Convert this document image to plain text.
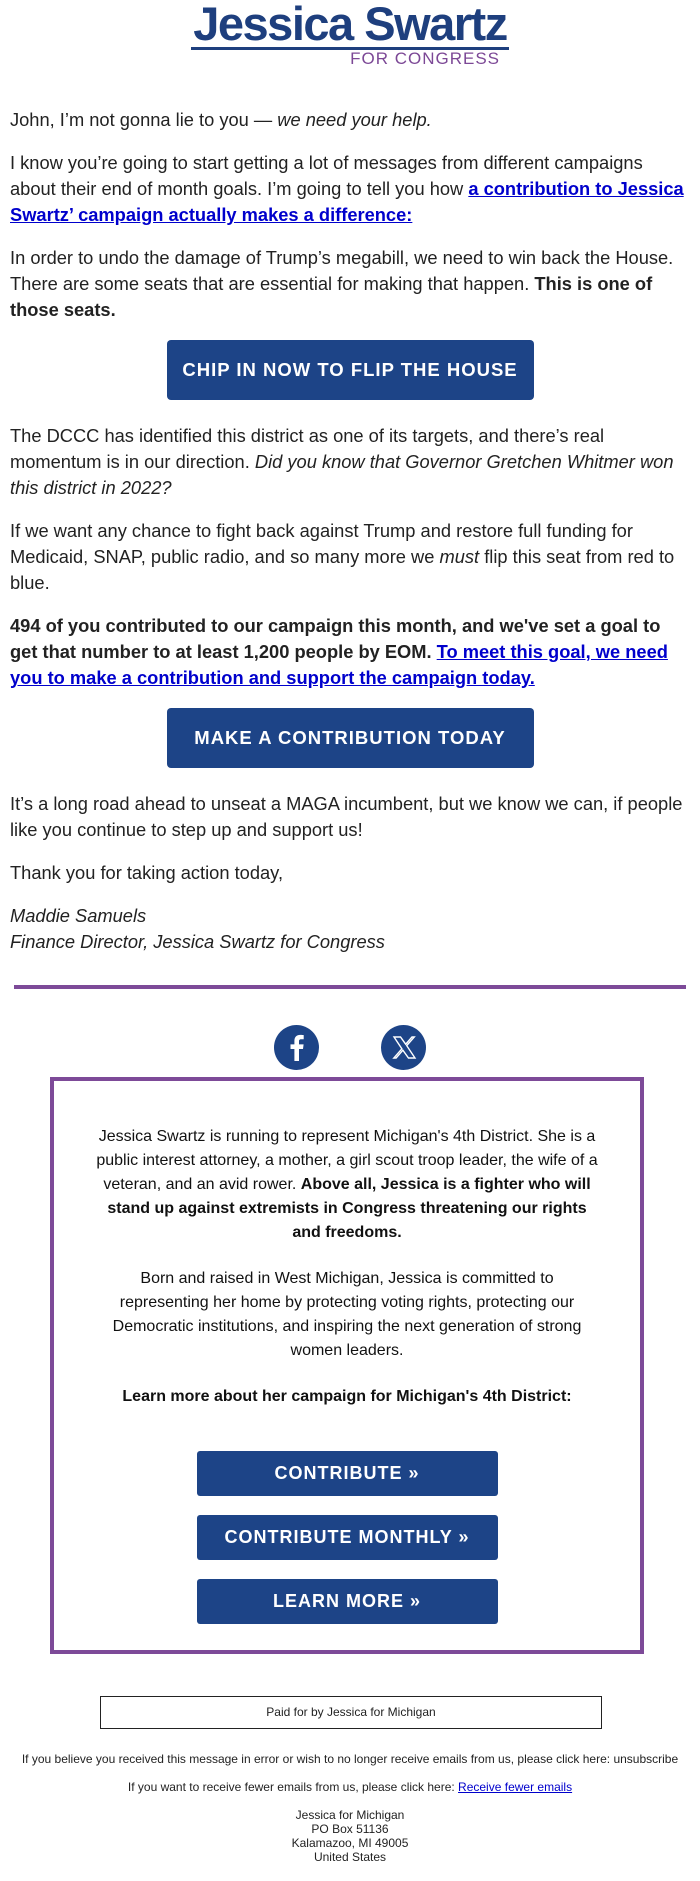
Jessica Swartz
FOR CONGRESS

John, I’m not gonna lie to you — we need your help.

I know you’re going to start getting a lot of messages from different campaigns about their end of month goals. I’m going to tell you how a contribution to Jessica Swartz’ campaign actually makes a difference:

In order to undo the damage of Trump’s megabill, we need to win back the House. There are some seats that are essential for making that happen. This is one of those seats.

CHIP IN NOW TO FLIP THE HOUSE

The DCCC has identified this district as one of its targets, and there’s real momentum is in our direction. Did you know that Governor Gretchen Whitmer won this district in 2022?

If we want any chance to fight back against Trump and restore full funding for Medicaid, SNAP, public radio, and so many more we must flip this seat from red to blue.

494 of you contributed to our campaign this month, and we've set a goal to get that number to at least 1,200 people by EOM. To meet this goal, we need you to make a contribution and support the campaign today.

MAKE A CONTRIBUTION TODAY

It’s a long road ahead to unseat a MAGA incumbent, but we know we can, if people like you continue to step up and support us!

Thank you for taking action today,

Maddie Samuels
Finance Director, Jessica Swartz for Congress

Jessica Swartz is running to represent Michigan's 4th District. She is a public interest attorney, a mother, a girl scout troop leader, the wife of a veteran, and an avid rower. Above all, Jessica is a fighter who will stand up against extremists in Congress threatening our rights and freedoms.

Born and raised in West Michigan, Jessica is committed to representing her home by protecting voting rights, protecting our Democratic institutions, and inspiring the next generation of strong women leaders.

Learn more about her campaign for Michigan's 4th District:

CONTRIBUTE »
CONTRIBUTE MONTHLY »
LEARN MORE »
Paid for by Jessica for Michigan

If you believe you received this message in error or wish to no longer receive emails from us, please click here: unsubscribe

If you want to receive fewer emails from us, please click here: Receive fewer emails

Jessica for Michigan
PO Box 51136
Kalamazoo, MI 49005
United States
